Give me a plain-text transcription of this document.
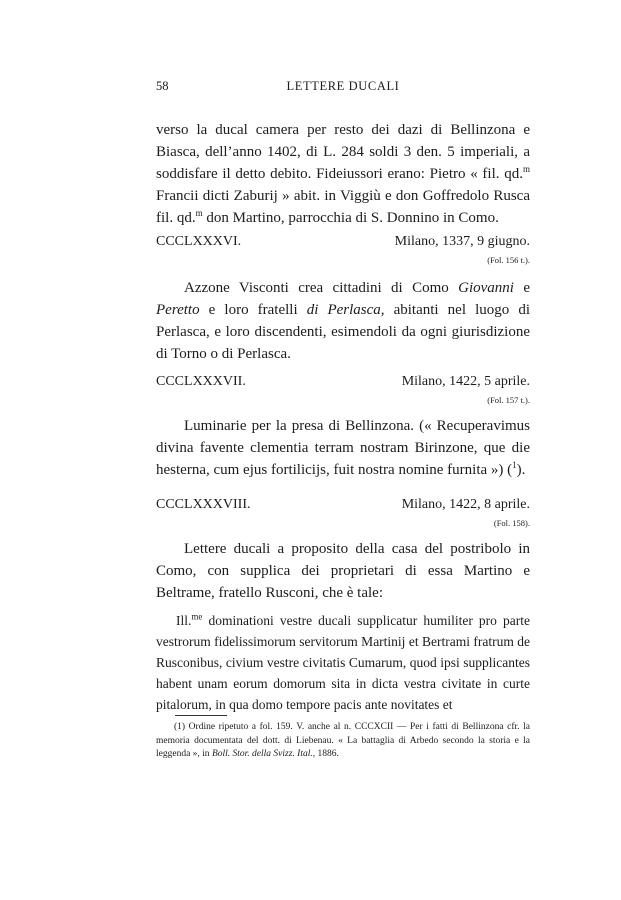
58	LETTERE DUCALI

verso la ducal camera per resto dei dazi di Bellinzona e Biasca, dell’anno 1402, di L. 284 soldi 3 den. 5 imperiali, a soddisfare il detto debito. Fideiussori erano: Pietro « fil. qd.$^m$ Francii dicti Zaburij » abit. in Viggiù e don Goffredolo Rusca fil. qd.$^m$ don Martino, parrocchia di S. Donnino in Como.

CCCLXXXVI.	Milano, 1337, 9 giugno.
(Fol. 156 t.).

Azzone Visconti crea cittadini di Como Giovanni e Peretto e loro fratelli di Perlasca, abitanti nel luogo di Perlasca, e loro discendenti, esimendoli da ogni giurisdizione di Torno o di Perlasca.

CCCLXXXVII.	Milano, 1422, 5 aprile.
(Fol. 157 t.).

Luminarie per la presa di Bellinzona. (« Recuperavimus divina favente clementia terram nostram Birinzone, que die hesterna, cum ejus fortilicijs, fuit nostra nomine furnita ») ($^1$).

CCCLXXXVIII.	Milano, 1422, 8 aprile.
(Fol. 158).

Lettere ducali a proposito della casa del postribolo in Como, con supplica dei proprietari di essa Martino e Beltrame, fratello Rusconi, che è tale:

Ill.$^{me}$ dominationi vestre ducali supplicatur humiliter pro parte vestrorum fidelissimorum servitorum Martinij et Bertrami fratrum de Rusconibus, civium vestre civitatis Cumarum, quod ipsi supplicantes habent unam eorum domorum sita in dicta vestra civitate in curte pitalorum, in qua domo tempore pacis ante novitates et

(1) Ordine ripetuto a fol. 159. V. anche al n. CCCXCII — Per i fatti di Bellinzona cfr. la memoria documentata del dott. di Liebenau. « La battaglia di Arbedo secondo la storia e la leggenda », in Boll. Stor. della Svizz. Ital., 1886.
